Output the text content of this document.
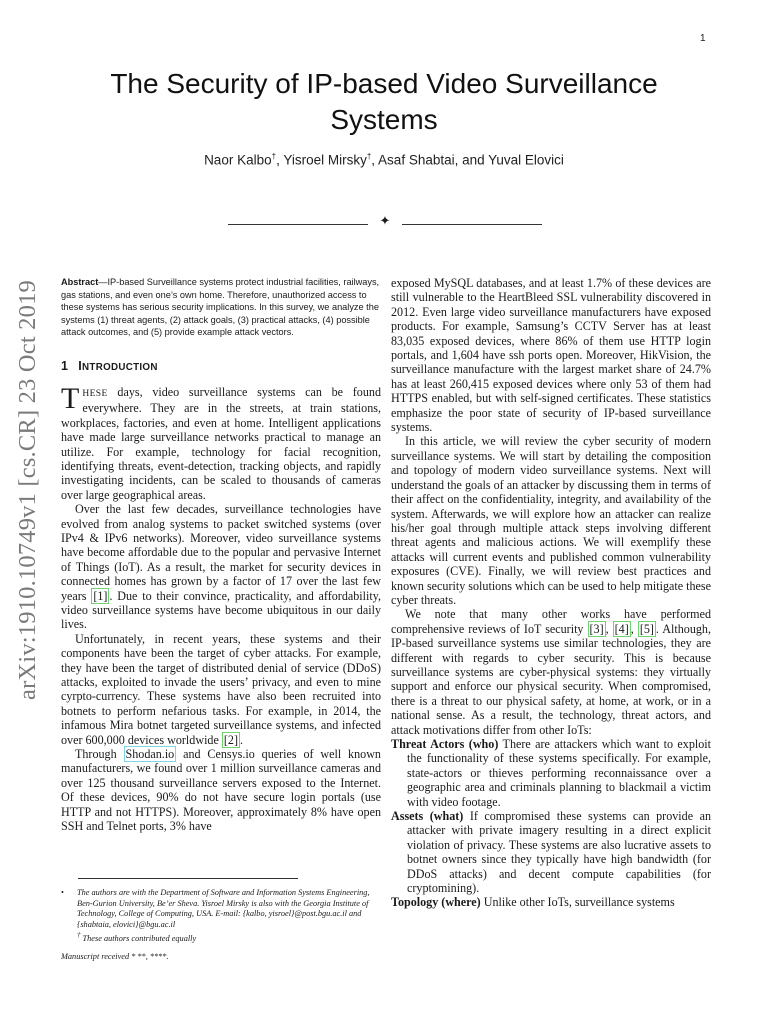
1
The Security of IP-based Video Surveillance
Systems
Naor Kalbo†, Yisroel Mirsky†, Asaf Shabtai, and Yuval Elovici
✦
arXiv:1910.10749v1 [cs.CR] 23 Oct 2019 Abstract—IP-based Surveillance systems protect industrial facilities, railways, gas stations, and even one’s own home. Therefore, unauthorized access to these systems has serious security implications. In this survey, we analyze the systems (1) threat agents, (2) attack goals, (3) practical attacks, (4) possible attack outcomes, and (5) provide example attack vectors.
1 INTRODUCTION

THESE days, video surveillance systems can be found everywhere. They are in the streets, at train stations, workplaces, factories, and even at home. Intelligent applications have made large surveillance networks practical to manage an utilize. For example, technology for facial recognition, identifying threats, event-detection, tracking objects, and rapidly investigating incidents, can be scaled to thousands of cameras over large geographical areas.

Over the last few decades, surveillance technologies have evolved from analog systems to packet switched systems (over IPv4 & IPv6 networks). Moreover, video surveillance systems have become affordable due to the popular and pervasive Internet of Things (IoT). As a result, the market for security devices in connected homes has grown by a factor of 17 over the last few years [1] . Due to their convince, practicality, and affordability, video surveillance systems have become ubiquitous in our daily lives.

Unfortunately, in recent years, these systems and their components have been the target of cyber attacks. For example, they have been the target of distributed denial of service (DDoS) attacks, exploited to invade the users’ privacy, and even to mine cyrpto-currency. These systems have also been recruited into botnets to perform nefarious tasks. For example, in 2014, the infamous Mira botnet targeted surveillance systems, and infected over 600,000 devices worldwide [2] .

Through Shodan.io and Censys.io queries of well known manufacturers, we found over 1 million surveillance cameras and over 125 thousand surveillance servers exposed to the Internet. Of these devices, 90% do not have secure login portals (use HTTP and not HTTPS). Moreover, approximately 8% have open SSH and Telnet ports, 3% have

• The authors are with the Department of Software and Information Systems Engineering, Ben-Gurion University, Be’er Sheva. Yisroel Mirsky is also with the Georgia Institute of Technology, College of Computing, USA. E-mail: {kalbo, yisroel}@post.bgu.ac.il and {shabtaia, elovici}@bgu.ac.il
† These authors contributed equally
Manuscript received * **, ****.

exposed MySQL databases, and at least 1.7% of these devices are still vulnerable to the HeartBleed SSL vulnerability discovered in 2012. Even large video surveillance manufacturers have exposed products. For example, Samsung’s CCTV Server has at least 83,035 exposed devices, where 86% of them use HTTP login portals, and 1,604 have ssh ports open. Moreover, HikVision, the surveillance manufacture with the largest market share of 24.7% has at least 260,415 exposed devices where only 53 of them had HTTPS enabled, but with self-signed certificates. These statistics emphasize the poor state of security of IP-based surveillance systems.

In this article, we will review the cyber security of modern surveillance systems. We will start by detailing the composition and topology of modern video surveillance systems. Next will understand the goals of an attacker by discussing them in terms of their affect on the confidentiality, integrity, and availability of the system. Afterwards, we will explore how an attacker can realize his/her goal through multiple attack steps involving different threat agents and malicious actions. We will exemplify these attacks will current events and published common vulnerability exposures (CVE). Finally, we will review best practices and known security solutions which can be used to help mitigate these cyber threats.

We note that many other works have performed comprehensive reviews of IoT security [3] , [4] , [5] . Although, IP-based surveillance systems use similar technologies, they are different with regards to cyber security. This is because surveillance systems are cyber-physical systems: they virtually support and enforce our physical security. When compromised, there is a threat to our physical safety, at home, at work, or in a national sense. As a result, the technology, threat actors, and attack motivations differ from other IoTs:

Threat Actors (who) There are attackers which want to exploit the functionality of these systems specifically. For example, state-actors or thieves performing reconnaissance over a geographic area and criminals planning to blackmail a victim with video footage.

Assets (what) If compromised these systems can provide an attacker with private imagery resulting in a direct explicit violation of privacy. These systems are also lucrative assets to botnet owners since they typically have high bandwidth (for DDoS attacks) and decent compute capabilities (for cryptomining).

Topology (where) Unlike other IoTs, surveillance systems
